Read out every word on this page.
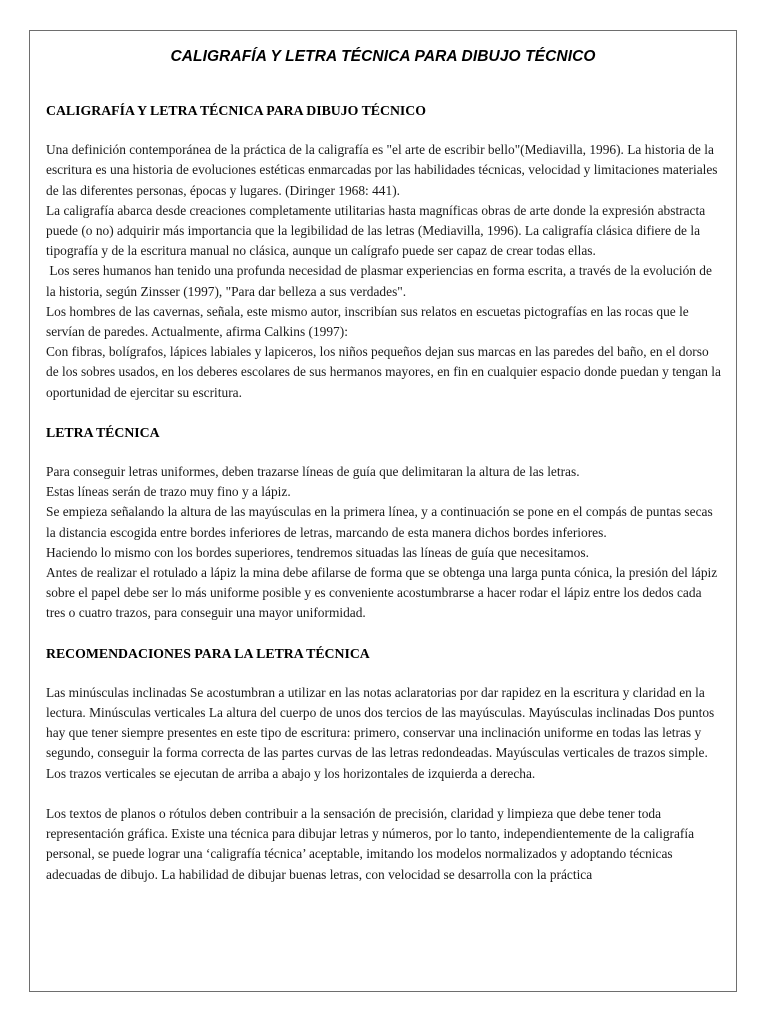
CALIGRAFÍA Y LETRA TÉCNICA PARA DIBUJO TÉCNICO

CALIGRAFÍA Y LETRA TÉCNICA PARA DIBUJO TÉCNICO

Una definición contemporánea de la práctica de la caligrafía es "el arte de escribir bello"(Mediavilla, 1996). La historia de la escritura es una historia de evoluciones estéticas enmarcadas por las habilidades técnicas, velocidad y limitaciones materiales de las diferentes personas, épocas y lugares. (Diringer 1968: 441).

La caligrafía abarca desde creaciones completamente utilitarias hasta magníficas obras de arte donde la expresión abstracta puede (o no) adquirir más importancia que la legibilidad de las letras (Mediavilla, 1996). La caligrafía clásica difiere de la tipografía y de la escritura manual no clásica, aunque un calígrafo puede ser capaz de crear todas ellas.

Los seres humanos han tenido una profunda necesidad de plasmar experiencias en forma escrita, a través de la evolución de la historia, según Zinsser (1997), "Para dar belleza a sus verdades".

Los hombres de las cavernas, señala, este mismo autor, inscribían sus relatos en escuetas pictografías en las rocas que le servían de paredes. Actualmente, afirma Calkins (1997):

Con fibras, bolígrafos, lápices labiales y lapiceros, los niños pequeños dejan sus marcas en las paredes del baño, en el dorso de los sobres usados, en los deberes escolares de sus hermanos mayores, en fin en cualquier espacio donde puedan y tengan la oportunidad de ejercitar su escritura.

LETRA TÉCNICA

Para conseguir letras uniformes, deben trazarse líneas de guía que delimitaran la altura de las letras.

Estas líneas serán de trazo muy fino y a lápiz.

Se empieza señalando la altura de las mayúsculas en la primera línea, y a continuación se pone en el compás de puntas secas la distancia escogida entre bordes inferiores de letras, marcando de esta manera dichos bordes inferiores.

Haciendo lo mismo con los bordes superiores, tendremos situadas las líneas de guía que necesitamos.

Antes de realizar el rotulado a lápiz la mina debe afilarse de forma que se obtenga una larga punta cónica, la presión del lápiz sobre el papel debe ser lo más uniforme posible y es conveniente acostumbrarse a hacer rodar el lápiz entre los dedos cada tres o cuatro trazos, para conseguir una mayor uniformidad.

RECOMENDACIONES PARA LA LETRA TÉCNICA

Las minúsculas inclinadas Se acostumbran a utilizar en las notas aclaratorias por dar rapidez en la escritura y claridad en la lectura. Minúsculas verticales La altura del cuerpo de unos dos tercios de las mayúsculas. Mayúsculas inclinadas Dos puntos hay que tener siempre presentes en este tipo de escritura: primero, conservar una inclinación uniforme en todas las letras y segundo, conseguir la forma correcta de las partes curvas de las letras redondeadas. Mayúsculas verticales de trazos simple. Los trazos verticales se ejecutan de arriba a abajo y los horizontales de izquierda a derecha.

Los textos de planos o rótulos deben contribuir a la sensación de precisión, claridad y limpieza que debe tener toda representación gráfica. Existe una técnica para dibujar letras y números, por lo tanto, independientemente de la caligrafía personal, se puede lograr una ‘caligrafía técnica’ aceptable, imitando los modelos normalizados y adoptando técnicas adecuadas de dibujo. La habilidad de dibujar buenas letras, con velocidad se desarrolla con la práctica
